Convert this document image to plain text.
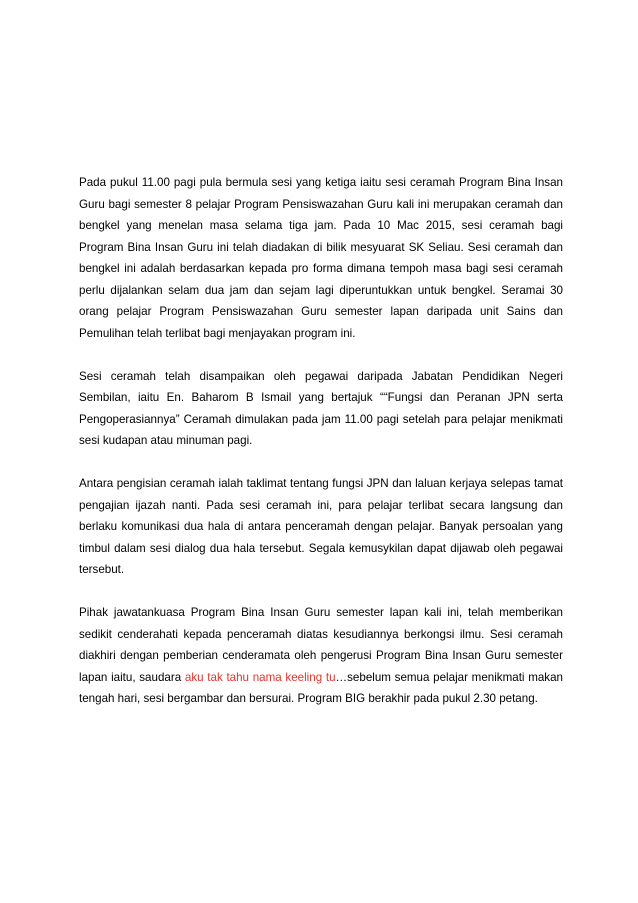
Pada pukul 11.00 pagi pula bermula sesi yang ketiga iaitu sesi ceramah Program Bina Insan Guru bagi semester 8 pelajar Program Pensiswazahan Guru kali ini merupakan ceramah dan bengkel yang menelan masa selama tiga jam. Pada 10 Mac 2015, sesi ceramah bagi Program Bina Insan Guru ini telah diadakan di bilik mesyuarat SK Seliau. Sesi ceramah dan bengkel ini adalah berdasarkan kepada pro forma dimana tempoh masa bagi sesi ceramah perlu dijalankan selam dua jam dan sejam lagi diperuntukkan untuk bengkel. Seramai 30 orang pelajar Program Pensiswazahan Guru semester lapan daripada unit Sains dan Pemulihan telah terlibat bagi menjayakan program ini.

Sesi ceramah telah disampaikan oleh pegawai daripada Jabatan Pendidikan Negeri Sembilan, iaitu En. Baharom B Ismail yang bertajuk ““Fungsi dan Peranan JPN serta Pengoperasiannya” Ceramah dimulakan pada jam 11.00 pagi setelah para pelajar menikmati sesi kudapan atau minuman pagi.

Antara pengisian ceramah ialah taklimat tentang fungsi JPN dan laluan kerjaya selepas tamat pengajian ijazah nanti. Pada sesi ceramah ini, para pelajar terlibat secara langsung dan berlaku komunikasi dua hala di antara penceramah dengan pelajar. Banyak persoalan yang timbul dalam sesi dialog dua hala tersebut. Segala kemusykilan dapat dijawab oleh pegawai tersebut.

Pihak jawatankuasa Program Bina Insan Guru semester lapan kali ini, telah memberikan sedikit cenderahati kepada penceramah diatas kesudiannya berkongsi ilmu. Sesi ceramah diakhiri dengan pemberian cenderamata oleh pengerusi Program Bina Insan Guru semester lapan iaitu, saudara aku tak tahu nama keeling tu…sebelum semua pelajar menikmati makan tengah hari, sesi bergambar dan bersurai. Program BIG berakhir pada pukul 2.30 petang.
